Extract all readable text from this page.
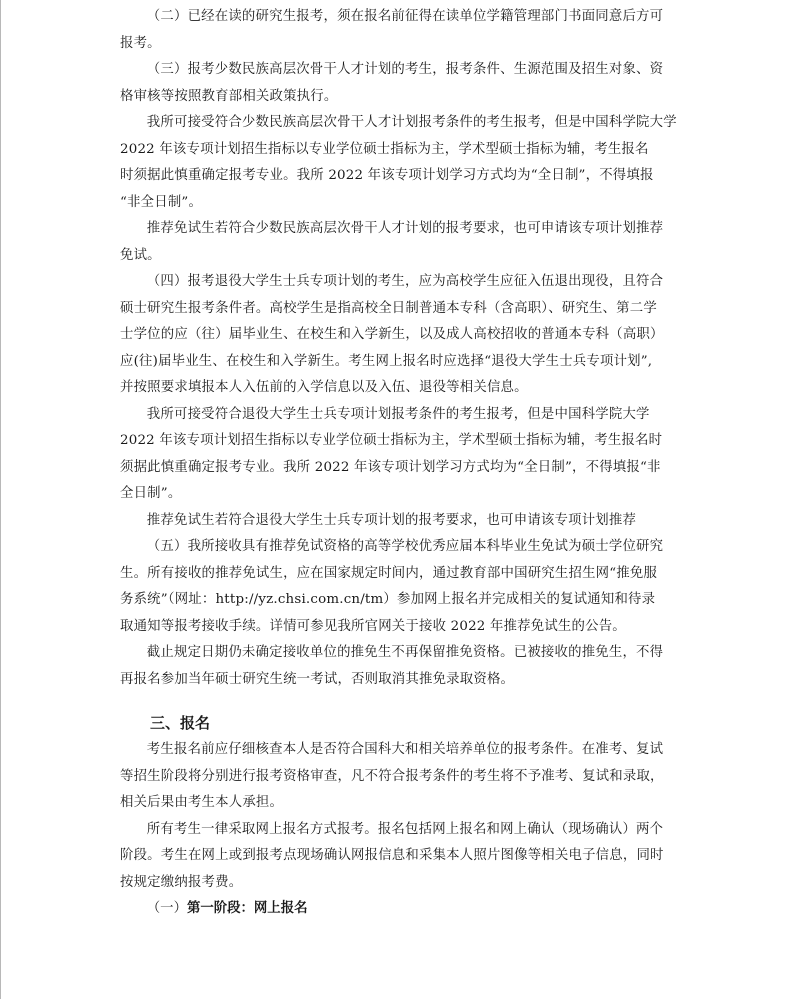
（二）已经在读的研究生报考，须在报名前征得在读单位学籍管理部门书面同意后方可
报考。

（三）报考少数民族高层次骨干人才计划的考生，报考条件、生源范围及招生对象、资
格审核等按照教育部相关政策执行。

我所可接受符合少数民族高层次骨干人才计划报考条件的考生报考，但是中国科学院大学
2022 年该专项计划招生指标以专业学位硕士指标为主，学术型硕士指标为辅，考生报名
时须据此慎重确定报考专业。我所 2022 年该专项计划学习方式均为“全日制”，不得填报
“非全日制”。

推荐免试生若符合少数民族高层次骨干人才计划的报考要求，也可申请该专项计划推荐
免试。

（四）报考退役大学生士兵专项计划的考生，应为高校学生应征入伍退出现役，且符合
硕士研究生报考条件者。高校学生是指高校全日制普通本专科（含高职）、研究生、第二学
士学位的应（往）届毕业生、在校生和入学新生，以及成人高校招收的普通本专科（高职）
应(往)届毕业生、在校生和入学新生。考生网上报名时应选择“退役大学生士兵专项计划”,
并按照要求填报本人入伍前的入学信息以及入伍、退役等相关信息。

我所可接受符合退役大学生士兵专项计划报考条件的考生报考，但是中国科学院大学
2022 年该专项计划招生指标以专业学位硕士指标为主，学术型硕士指标为辅，考生报名时
须据此慎重确定报考专业。我所 2022 年该专项计划学习方式均为“全日制”，不得填报“非
全日制”。

推荐免试生若符合退役大学生士兵专项计划的报考要求，也可申请该专项计划推荐

（五）我所接收具有推荐免试资格的高等学校优秀应届本科毕业生免试为硕士学位研究
生。所有接收的推荐免试生，应在国家规定时间内，通过教育部中国研究生招生网“推免服
务系统”（网址：http://yz.chsi.com.cn/tm）参加网上报名并完成相关的复试通知和待录
取通知等报考接收手续。详情可参见我所官网关于接收 2022 年推荐免试生的公告。

截止规定日期仍未确定接收单位的推免生不再保留推免资格。已被接收的推免生，不得
再报名参加当年硕士研究生统一考试，否则取消其推免录取资格。

三、报名

考生报名前应仔细核查本人是否符合国科大和相关培养单位的报考条件。在准考、复试
等招生阶段将分别进行报考资格审查，凡不符合报考条件的考生将不予准考、复试和录取，
相关后果由考生本人承担。

所有考生一律采取网上报名方式报考。报名包括网上报名和网上确认（现场确认）两个
阶段。考生在网上或到报考点现场确认网报信息和采集本人照片图像等相关电子信息，同时
按规定缴纳报考费。

（一）第一阶段：网上报名
